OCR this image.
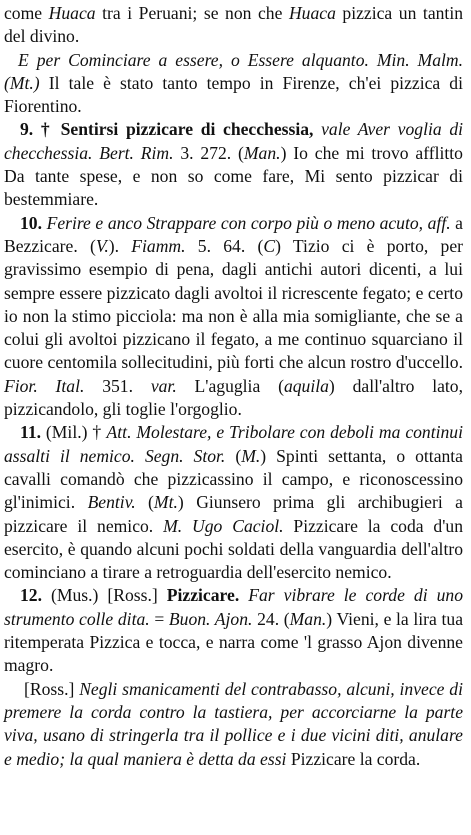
come Huaca tra i Peruani; se non che Huaca pizzica un tantin del divino.

E per Cominciare a essere, o Essere alquanto. Min. Malm. (Mt.) Il tale è stato tanto tempo in Firenze, ch'ei pizzica di Fiorentino.

9. † Sentirsi pizzicare di checchessia, vale Aver voglia di checchessia. Bert. Rim. 3. 272. (Man.) Io che mi trovo afflitto Da tante spese, e non so come fare, Mi sento pizzicar di bestemmiare.

10. Ferire e anco Strappare con corpo più o meno acuto, aff. a Bezzicare. (V.). Fiamm. 5. 64. (C) Tizio ci è porto, per gravissimo esempio di pena, dagli antichi autori dicenti, a lui sempre essere pizzicato dagli avoltoi il ricrescente fegato; e certo io non la stimo picciola: ma non è alla mia somigliante, che se a colui gli avoltoi pizzicano il fegato, a me continuo squarciano il cuore centomila sollecitudini, più forti che alcun rostro d'uccello. Fior. Ital. 351. var. L'aguglia (aquila) dall'altro lato, pizzicandolo, gli toglie l'orgoglio.

11. (Mil.) † Att. Molestare, e Tribolare con deboli ma continui assalti il nemico. Segn. Stor. (M.) Spinti settanta, o ottanta cavalli comandò che pizzicassino il campo, e riconoscessino gl'inimici. Bentiv. (Mt.) Giunsero prima gli archibugieri a pizzicare il nemico. M. Ugo Caciol. Pizzicare la coda d'un esercito, è quando alcuni pochi soldati della vanguardia dell'altro cominciano a tirare a retroguardia dell'esercito nemico.

12. (Mus.) [Ross.] Pizzicare. Far vibrare le corde di uno strumento colle dita. = Buon. Ajon. 24. (Man.) Vieni, e la lira tua ritemperata Pizzica e tocca, e narra come 'l grasso Ajon divenne magro.

[Ross.] Negli smanicamenti del contrabasso, alcuni, invece di premere la corda contro la tastiera, per accorciarne la parte viva, usano di stringerla tra il pollice e i due vicini diti, anulare e medio; la qual maniera è detta da essi Pizzicare la corda.
